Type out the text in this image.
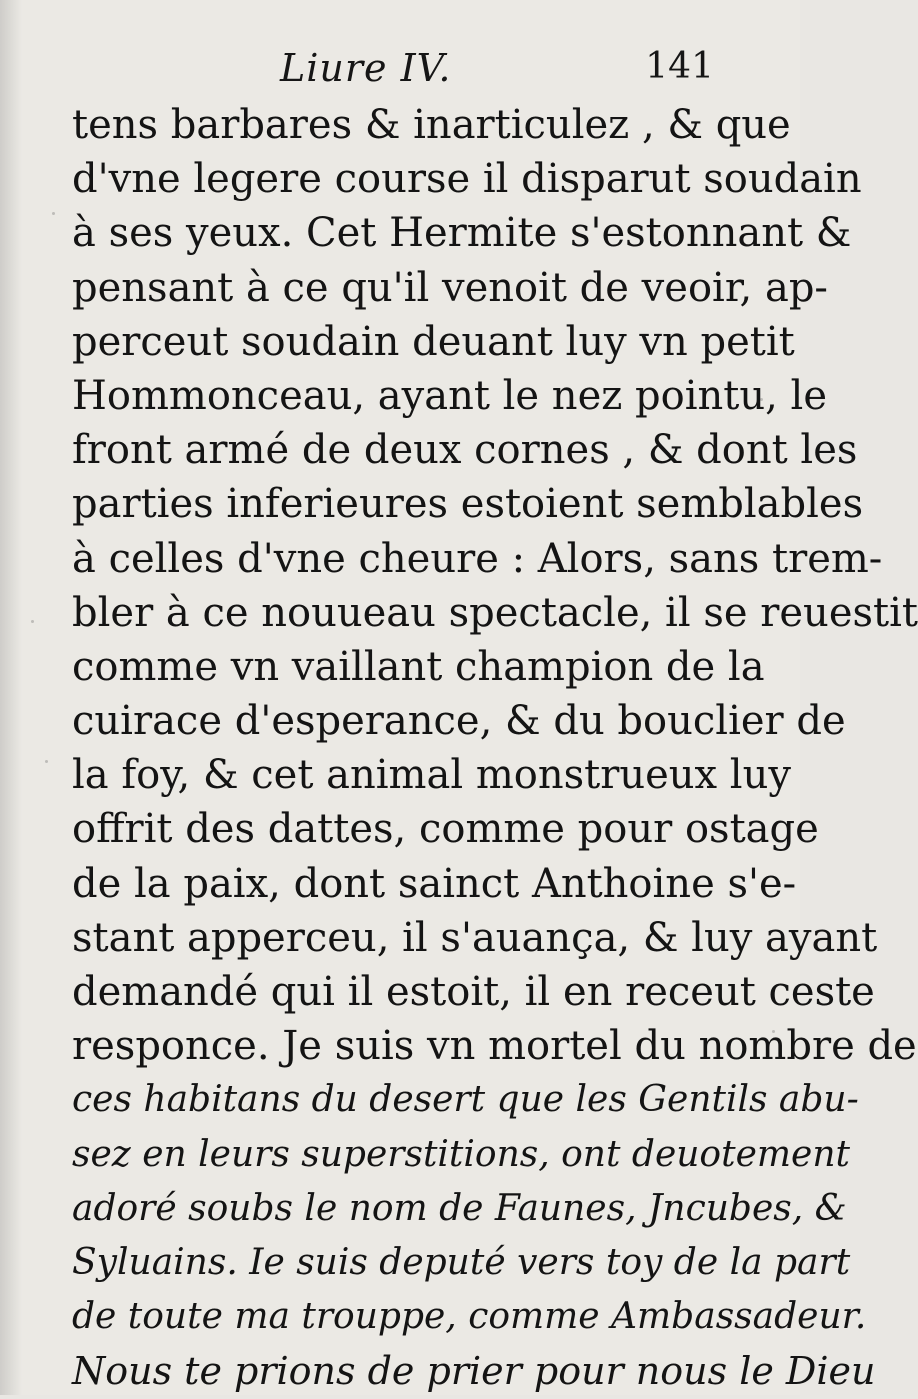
Liure IV.	141
tens barbares & inarticulez , & que
d'vne legere course il disparut soudain
à ses yeux. Cet Hermite s'estonnant &
pensant à ce qu'il venoit de veoir, ap-
perceut soudain deuant luy vn petit
Hommonceau, ayant le nez pointu, le
front armé de deux cornes , & dont les
parties inferieures estoient semblables
à celles d'vne cheure : Alors, sans trem-
bler à ce nouueau spectacle, il se reuestit
comme vn vaillant champion de la
cuirace d'esperance, & du bouclier de
la foy, & cet animal monstrueux luy
offrit des dattes, comme pour ostage
de la paix, dont sainct Anthoine s'e-
stant apperceu, il s'auança, & luy ayant
demandé qui il estoit, il en receut ceste
responce. Je suis vn mortel du nombre de
ces habitans du desert que les Gentils abu-
sez en leurs superstitions, ont deuotement
adoré soubs le nom de Faunes, Jncubes, &
Syluains. Ie suis deputé vers toy de la part
de toute ma trouppe, comme Ambassadeur.
Nous te prions de prier pour nous le Dieu
